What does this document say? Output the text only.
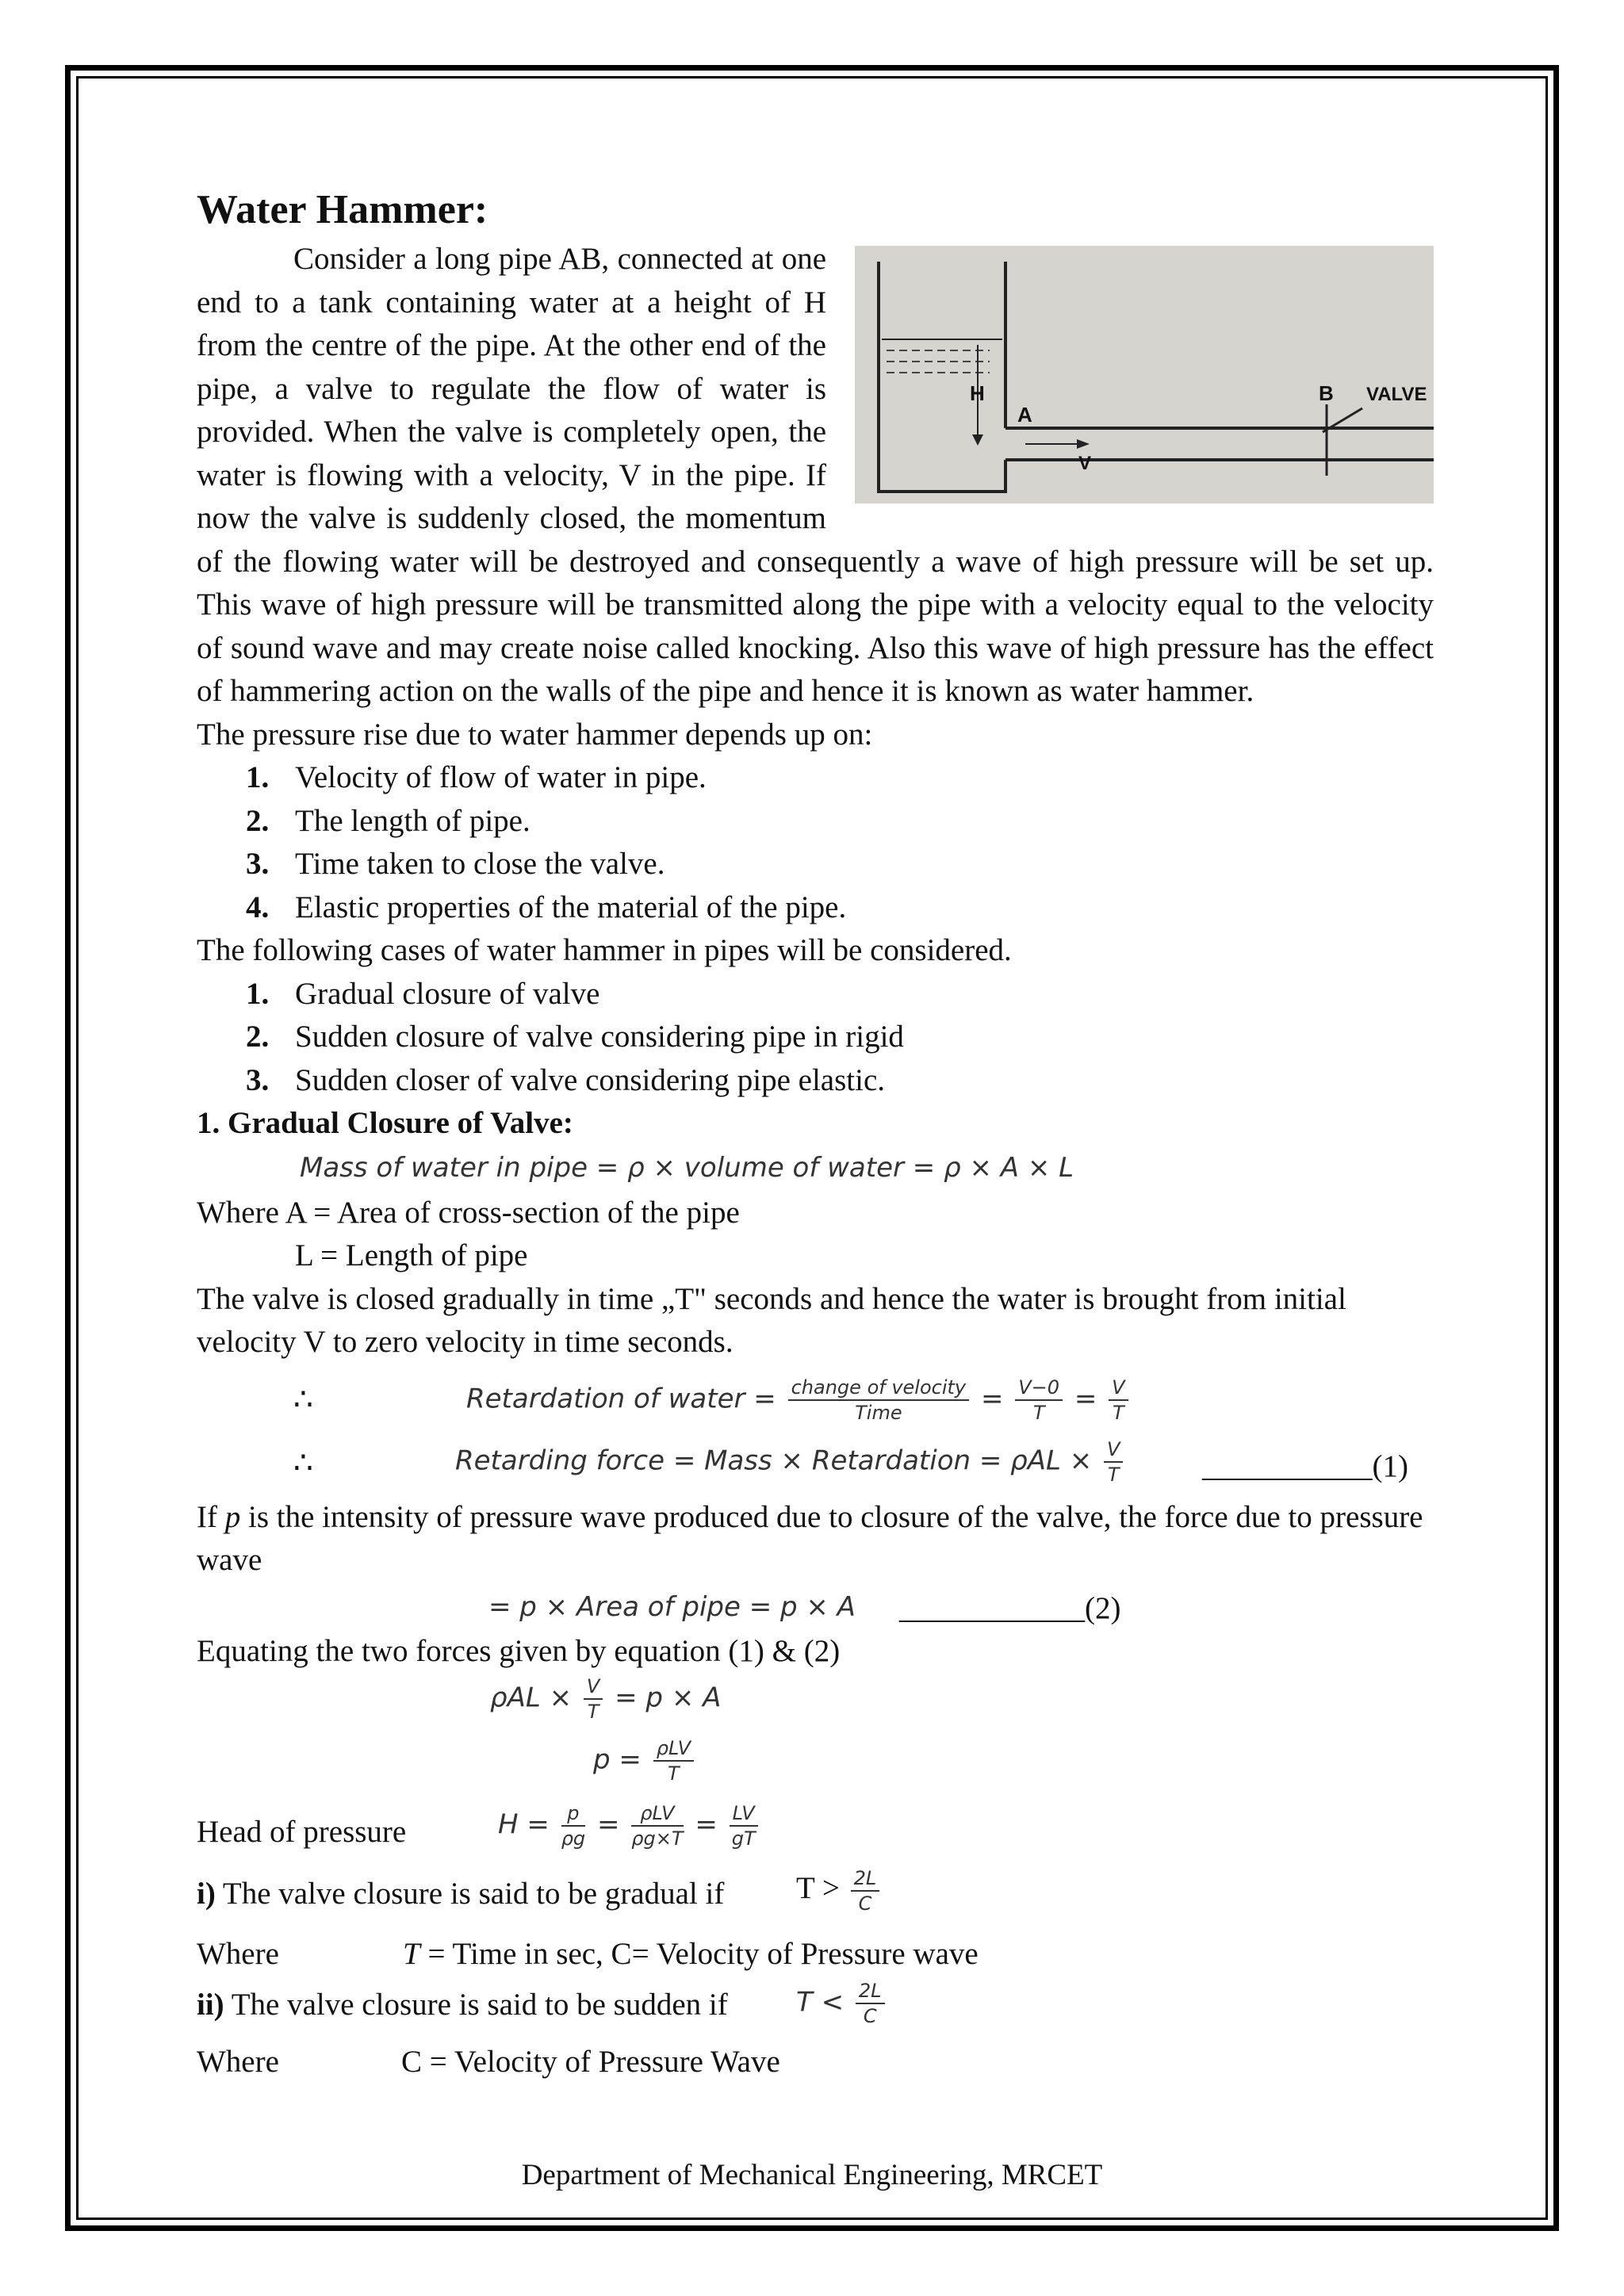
Water Hammer:
H
A
V
B VALVE

Consider a long pipe AB, connected at one end to a tank containing water at a height of H from the centre of the pipe. At the other end of the pipe, a valve to regulate the flow of water is provided. When the valve is completely open, the water is flowing with a velocity, V in the pipe. If now the valve is suddenly closed, the momentum of the flowing water will be destroyed and consequently a wave of high pressure will be set up. This wave of high pressure will be transmitted along the pipe with a velocity equal to the velocity of sound wave and may create noise called knocking. Also this wave of high pressure has the effect of hammering action on the walls of the pipe and hence it is known as water hammer.

The pressure rise due to water hammer depends up on:

1. Velocity of flow of water in pipe.
2. The length of pipe.
3. Time taken to close the valve.
4. Elastic properties of the material of the pipe.

The following cases of water hammer in pipes will be considered.

1. Gradual closure of valve
2. Sudden closure of valve considering pipe in rigid
3. Sudden closer of valve considering pipe elastic.

1. Gradual Closure of Valve:

Mass of water in pipe = ρ × volume of water = ρ × A × L

Where A = Area of cross-section of the pipe

L = Length of pipe

The valve is closed gradually in time „T" seconds and hence the water is brought from initial velocity V to zero velocity in time seconds.

∴	Retardation of water = $\frac{\text{change of velocity}}{\text{Time}} = \frac{V-0}{T} = \frac{V}{T}$
∴	Retarding force = Mass × Retardation = $\rho AL \times \frac{V}{T}$	___________(1)

If p is the intensity of pressure wave produced due to closure of the valve, the force due to pressure wave

= p × Area of pipe = p × A ____________(2)

Equating the two forces given by equation (1) & (2)

$\rho AL \times \frac{V}{T} = p \times A$
$p = \frac{\text{ρLV}}{T}$
Head of pressure	$H = \frac{p}{\rho g} = \frac{\text{ρLV}}{\rho g\times T} = \frac{LV}{gT}$
i) The valve closure is said to be gradual if $T > \frac{2L}{C}$
Where	T = Time in sec, C= Velocity of Pressure wave
ii) The valve closure is said to be sudden if	$T < \frac{2L}{C}$
Where	C = Velocity of Pressure Wave
Department of Mechanical Engineering, MRCET
